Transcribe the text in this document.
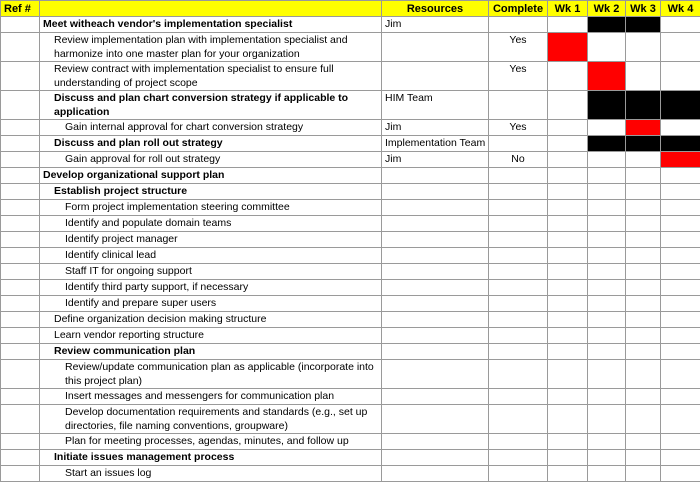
Ref #		Resources	Complete	Wk 1	Wk 2	Wk 3	Wk 4
	Meet witheach vendor's implementation specialist	Jim					
	Review implementation plan with implementation specialist and harmonize into one master plan for your organization		Yes				
	Review contract with implementation specialist to ensure full understanding of project scope		Yes				
	Discuss and plan chart conversion strategy if applicable to application	HIM Team					
	Gain internal approval for chart conversion strategy	Jim	Yes				
	Discuss and plan roll out strategy	Implementation Team					
	Gain approval for roll out strategy	Jim	No				
	Develop organizational support plan						
	Establish project structure						
	Form project implementation steering committee						
	Identify and populate domain teams						
	Identify project manager						
	Identify clinical lead						
	Staff IT for ongoing support						
	Identify third party support, if necessary						
	Identify and prepare super users						
	Define organization decision making structure						
	Learn vendor reporting structure						
	Review communication plan						
	Review/update communication plan as applicable (incorporate into this project plan)						
	Insert messages and messengers for communication plan						
	Develop documentation requirements and standards (e.g., set up directories, file naming conventions, groupware)						
	Plan for meeting processes, agendas, minutes, and follow up						
	Initiate issues management process						
	Start an issues log						
